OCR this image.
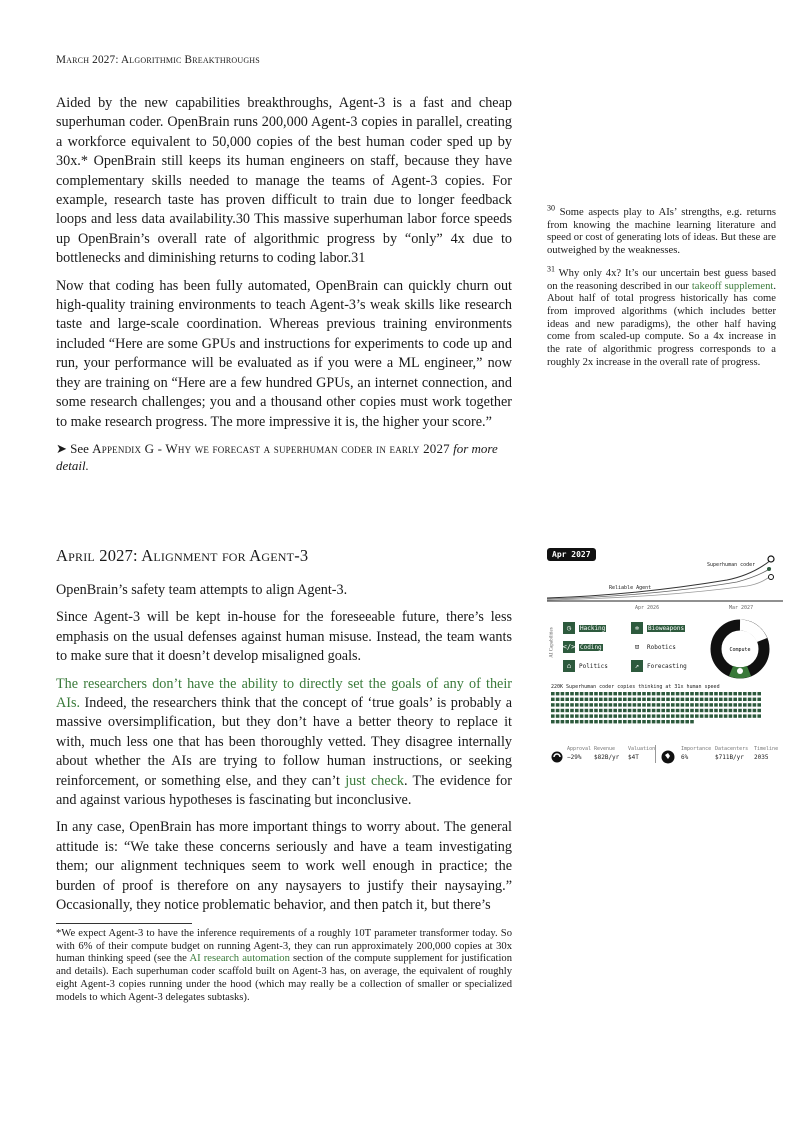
March 2027: Algorithmic Breakthroughs

Aided by the new capabilities breakthroughs, Agent-3 is a fast and cheap superhuman coder. OpenBrain runs 200,000 Agent-3 copies in parallel, creating a workforce equivalent to 50,000 copies of the best human coder sped up by 30x.* OpenBrain still keeps its human engineers on staff, because they have complementary skills needed to manage the teams of Agent-3 copies. For example, research taste has proven difficult to train due to longer feedback loops and less data availability.30 This massive superhuman labor force speeds up OpenBrain’s overall rate of algorithmic progress by “only” 4x due to bottlenecks and diminishing returns to coding labor.31

Now that coding has been fully automated, OpenBrain can quickly churn out high-quality training environments to teach Agent-3’s weak skills like research taste and large-scale coordination. Whereas previous training environments included “Here are some GPUs and instructions for experiments to code up and run, your performance will be evaluated as if you were a ML engineer,” now they are training on “Here are a few hundred GPUs, an internet connection, and some research challenges; you and a thousand other copies must work together to make research progress. The more impressive it is, the higher your score.”

➤ See Appendix G - Why we forecast a superhuman coder in early 2027 for more detail.

$^{30}$ Some aspects play to AIs’ strengths, e.g. returns from knowing the machine learning literature and speed or cost of generating lots of ideas. But these are outweighed by the weaknesses.

$^{31}$ Why only 4x? It’s our uncertain best guess based on the reasoning described in our takeoff supplement. About half of total progress historically has come from improved algorithms (which includes better ideas and new paradigms), the other half having come from scaled-up compute. So a 4x increase in the rate of algorithmic progress corresponds to a roughly 2x increase in the overall rate of progress.

April 2027: Alignment for Agent-3

OpenBrain’s safety team attempts to align Agent-3.

Since Agent-3 will be kept in-house for the foreseeable future, there’s less emphasis on the usual defenses against human misuse. Instead, the team wants to make sure that it doesn’t develop misaligned goals.

The researchers don’t have the ability to directly set the goals of any of their AIs. Indeed, the researchers think that the concept of ‘true goals’ is probably a massive oversimplification, but they don’t have a better theory to replace it with, much less one that has been thoroughly vetted. They disagree internally about whether the AIs are trying to follow human instructions, or seeking reinforcement, or something else, and they can’t just check. The evidence for and against various hypotheses is fascinating but inconclusive.

In any case, OpenBrain has more important things to worry about. The general attitude is: “We take these concerns seriously and have a team investigating them; our alignment techniques seem to work well enough in practice; the burden of proof is therefore on any naysayers to justify their naysaying.” Occasionally, they notice problematic behavior, and then patch it, but there’s

*We expect Agent-3 to have the inference requirements of a roughly 10T parameter transformer today. So with 6% of their compute budget on running Agent-3, they can run approximately 200,000 copies at 30x human thinking speed (see the AI research automation section of the compute supplement for justification and details). Each superhuman coder scaffold built on Agent-3 has, on average, the equivalent of roughly eight Agent-3 copies running under the hood (which may really be a collection of smaller or specialized models to which Agent-3 delegates subtasks).
Apr 2027
Superhuman coder
Reliable Agent
Apr 2026	Mar 2027
AI Capabilities	◷	Hacking	✲	Bioweapons
</> Coding	⊡	Robotics
⌂	Politics	↗	Forecasting
Compute
220K Superhuman coder copies thinking at 31x human speed
Approval
−29%
Revenue
$82B/yr
Valuation
$4T
Importance
6%
Datacenters
$711B/yr
Timeline
2035
